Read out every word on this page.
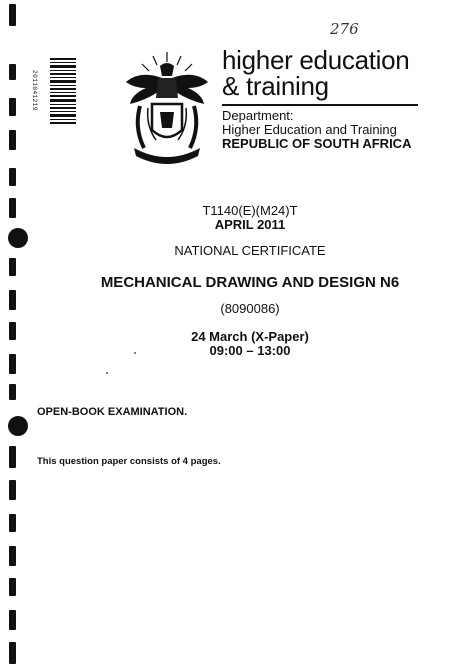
276
2011041219
higher education
& training
Department:
Higher Education and Training
REPUBLIC OF SOUTH AFRICA
T1140(E)(M24)T
APRIL 2011
NATIONAL CERTIFICATE
MECHANICAL DRAWING AND DESIGN N6
(8090086)
24 March (X-Paper)
09:00 – 13:00
OPEN-BOOK EXAMINATION.
This question paper consists of 4 pages.
